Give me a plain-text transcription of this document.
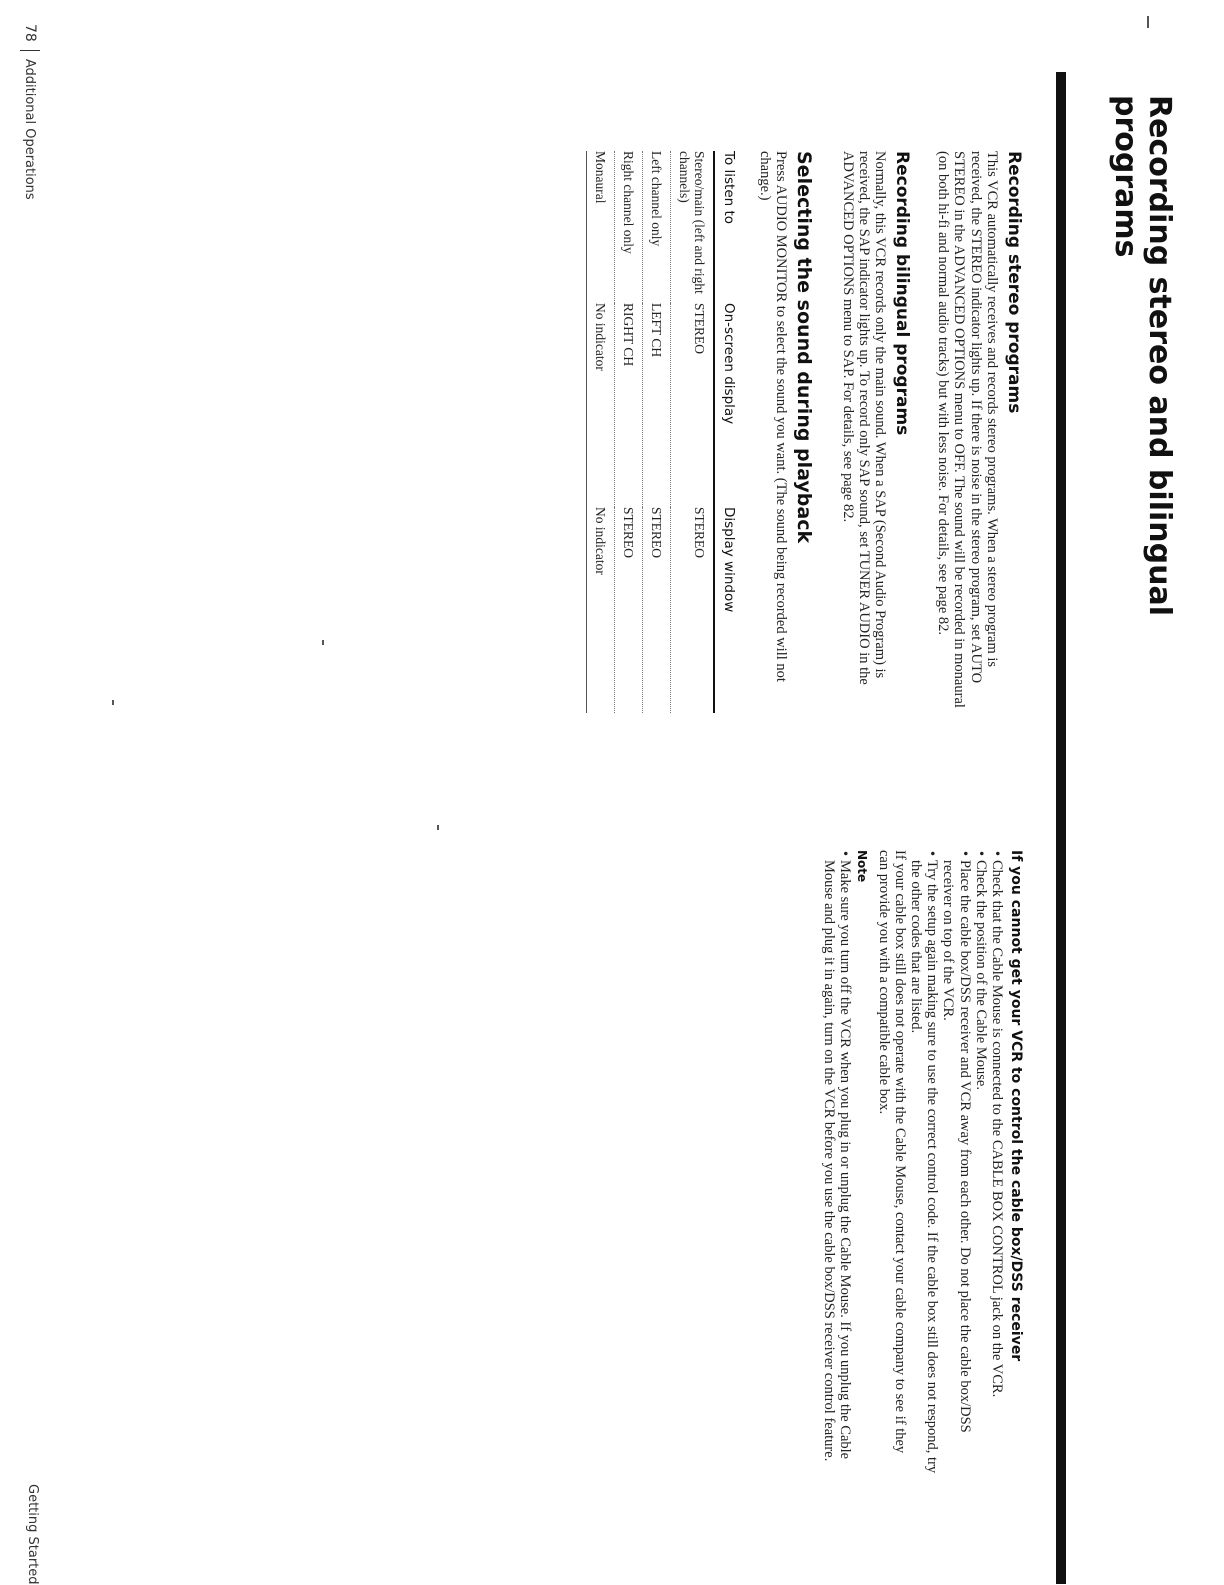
Recording stereo and bilingual programs
Recording stereo programs

This VCR automatically receives and records stereo programs. When a stereo program is received, the STEREO indicator lights up. If there is noise in the stereo program, set AUTO STEREO in the ADVANCED OPTIONS menu to OFF. The sound will be recorded in monaural (on both hi-fi and normal audio tracks) but with less noise. For details, see page 82.

Recording bilingual programs

Normally, this VCR records only the main sound. When a SAP (Second Audio Program) is received, the SAP indicator lights up. To record only SAP sound, set TUNER AUDIO in the ADVANCED OPTIONS menu to SAP. For details, see page 82.

Selecting the sound during playback

Press AUDIO MONITOR to select the sound you want. (The sound being recorded will not change.)

To listen to	On-screen display	Display window
Stereo/main (left and right channels)	STEREO	STEREO
Left channel only	LEFT CH	STEREO
Right channel only	RIGHT CH	STEREO
Monaural	No indicator	No indicator
If you cannot get your VCR to control the cable box/DSS receiver
•
Check that the Cable Mouse is connected to the CABLE BOX CONTROL jack on the VCR.
•
Check the position of the Cable Mouse.
•
Place the cable box/DSS receiver and VCR away from each other. Do not place the cable box/DSS receiver on top of the VCR.
•
Try the setup again making sure to use the correct control code. If the cable box still does not respond, try the other codes that are listed.

If your cable box still does not operate with the Cable Mouse, contact your cable company to see if they can provide you with a compatible cable box.

Note
•
Make sure you turn off the VCR when you plug in or unplug the Cable Mouse. If you unplug the Cable Mouse and plug it in again, turn on the VCR before you use the cable box/DSS receiver control feature.
78
Additional Operations
Getting Started
